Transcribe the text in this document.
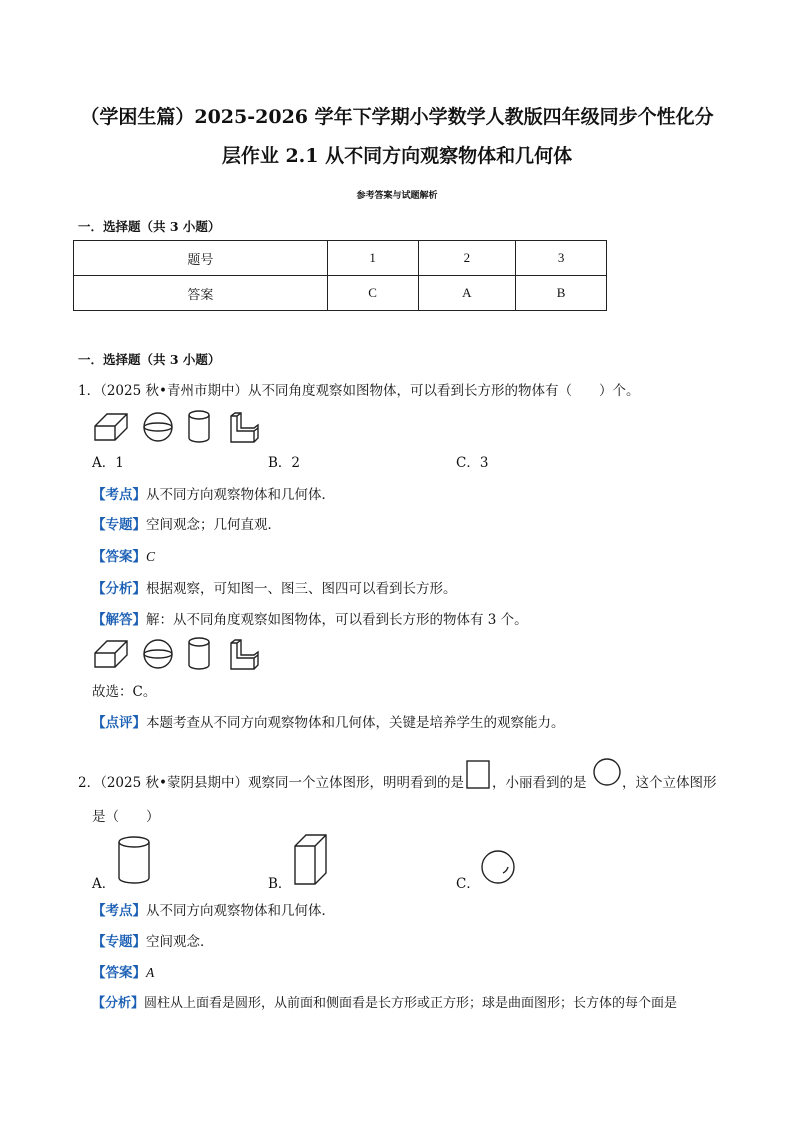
（学困生篇）2025-2026 学年下学期小学数学人教版四年级同步个性化分
层作业 2.1 从不同方向观察物体和几何体
参考答案与试题解析
一．选择题（共 3 小题）
题号	1	2	3
答案	C	A	B
一．选择题（共 3 小题）
1．（2025 秋•青州市期中）从不同角度观察如图物体，可以看到长方形的物体有（　　）个。
A．1	B．2	C．3
【考点】从不同方向观察物体和几何体．
【专题】空间观念；几何直观．
【答案】C
【分析】根据观察，可知图一、图三、图四可以看到长方形。
【解答】解：从不同角度观察如图物体，可以看到长方形的物体有 3 个。
故选：C。
【点评】本题考查从不同方向观察物体和几何体，关键是培养学生的观察能力。
2．（2025 秋•蒙阴县期中）观察同一个立体图形，明明看到的是 ，小丽看到的是	，这个立体图形
是（　　）
A．	B．	C．
【考点】从不同方向观察物体和几何体．
【专题】空间观念．
【答案】A
【分析】圆柱从上面看是圆形，从前面和侧面看是长方形或正方形；球是曲面图形；长方体的每个面是
